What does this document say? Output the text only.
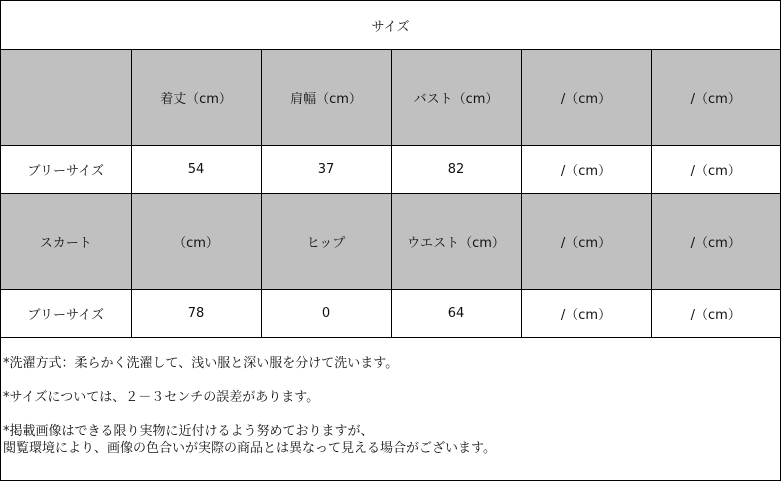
サイズ
	着丈（cm）	肩幅（cm）	バスト（cm）	/（cm）	/（cm）
ブリーサイズ	54	37	82	/（cm）	/（cm）
スカート	（cm）	ヒップ	ウエスト（cm）	/（cm）	/（cm）
ブリーサイズ	78	0	64	/（cm）	/（cm）

*洗濯方式：柔らかく洗濯して、浅い服と深い服を分けて洗います。

*サイズについては、２－３センチの誤差があります。

*掲載画像はできる限り実物に近付けるよう努めておりますが、

閲覧環境により、画像の色合いが実際の商品とは異なって見える場合がございます。
